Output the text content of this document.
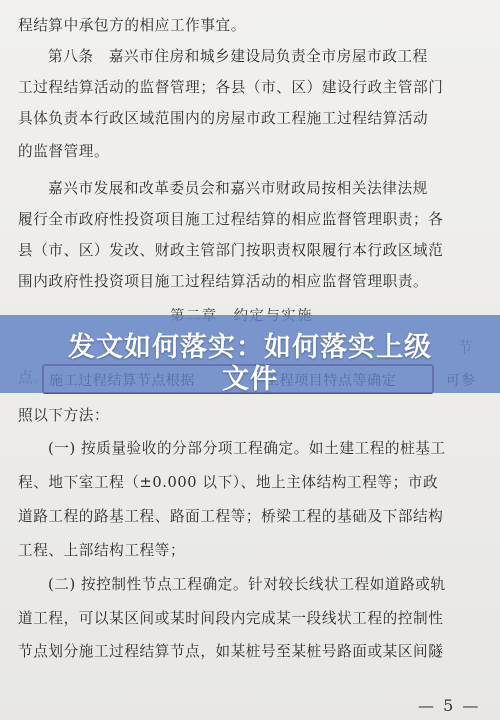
程结算中承包方的相应工作事宜。
第八条　嘉兴市住房和城乡建设局负责全市房屋市政工程
工过程结算活动的监督管理；各县（市、区）建设行政主管部门
具体负责本行政区域范围内的房屋市政工程施工过程结算活动
的监督管理。
嘉兴市发展和改革委员会和嘉兴市财政局按相关法律法规
履行全市政府性投资项目施工过程结算的相应监督管理职责；各
县（市、区）发改、财政主管部门按职责权限履行本行政区域范
围内政府性投资项目施工过程结算活动的相应监督管理职责。
照以下方法：
(一) 按质量验收的分部分项工程确定。如土建工程的桩基工
程、地下室工程（±0.000 以下）、地上主体结构工程等；市政
道路工程的路基工程、路面工程等；桥梁工程的基础及下部结构
工程、上部结构工程等；
(二) 按控制性节点工程确定。针对较长线状工程如道路或轨
道工程，可以某区间或某时间段内完成某一段线状工程的控制性
节点划分施工过程结算节点，如某桩号至某桩号路面或某区间隧
— 5 —
发文如何落实：如何落实上级
文件
